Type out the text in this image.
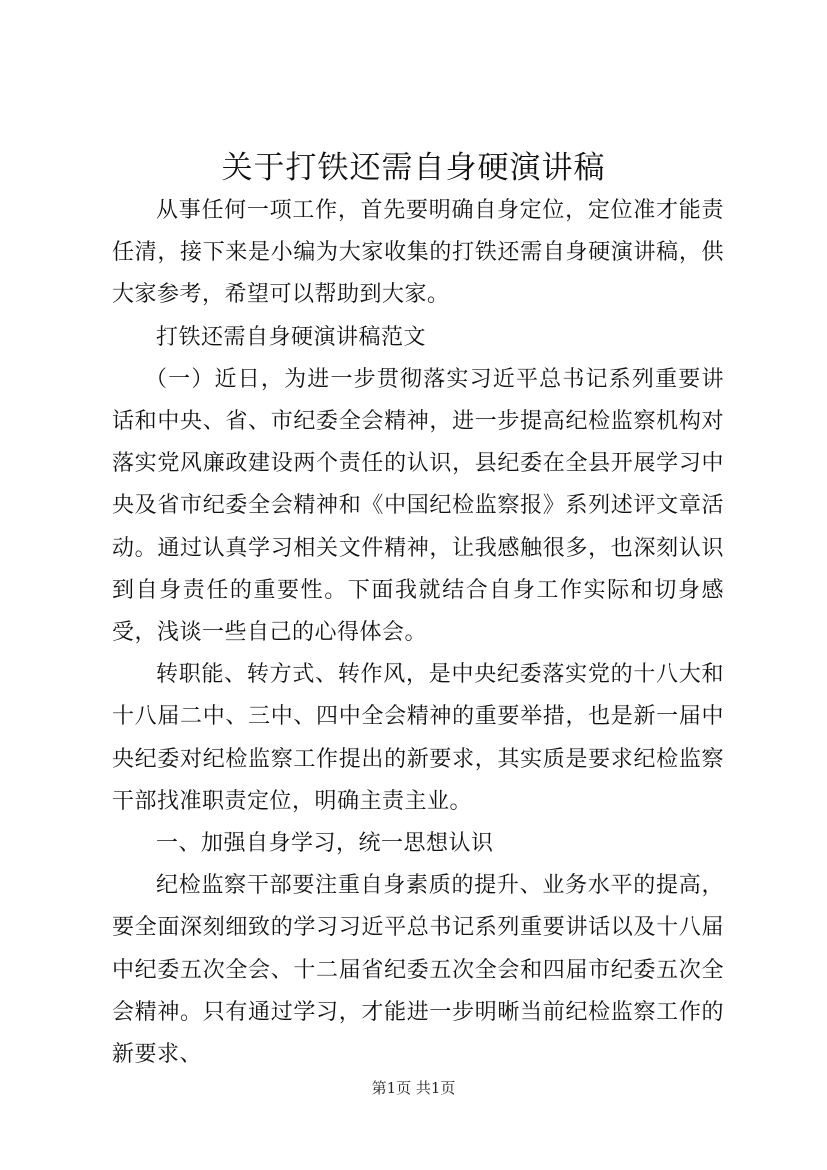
关于打铁还需自身硬演讲稿

从事任何一项工作，首先要明确自身定位，定位准才能责任清，接下来是小编为大家收集的打铁还需自身硬演讲稿，供大家参考，希望可以帮助到大家。

打铁还需自身硬演讲稿范文

（一）近日，为进一步贯彻落实习近平总书记系列重要讲话和中央、省、市纪委全会精神，进一步提高纪检监察机构对落实党风廉政建设两个责任的认识，县纪委在全县开展学习中央及省市纪委全会精神和《中国纪检监察报》系列述评文章活动。通过认真学习相关文件精神，让我感触很多，也深刻认识到自身责任的重要性。下面我就结合自身工作实际和切身感受，浅谈一些自己的心得体会。

转职能、转方式、转作风，是中央纪委落实党的十八大和十八届二中、三中、四中全会精神的重要举措，也是新一届中央纪委对纪检监察工作提出的新要求，其实质是要求纪检监察干部找准职责定位，明确主责主业。

一、加强自身学习，统一思想认识

纪检监察干部要注重自身素质的提升、业务水平的提高，要全面深刻细致的学习习近平总书记系列重要讲话以及十八届中纪委五次全会、十二届省纪委五次全会和四届市纪委五次全会精神。只有通过学习，才能进一步明晰当前纪检监察工作的新要求、

第1页 共1页
